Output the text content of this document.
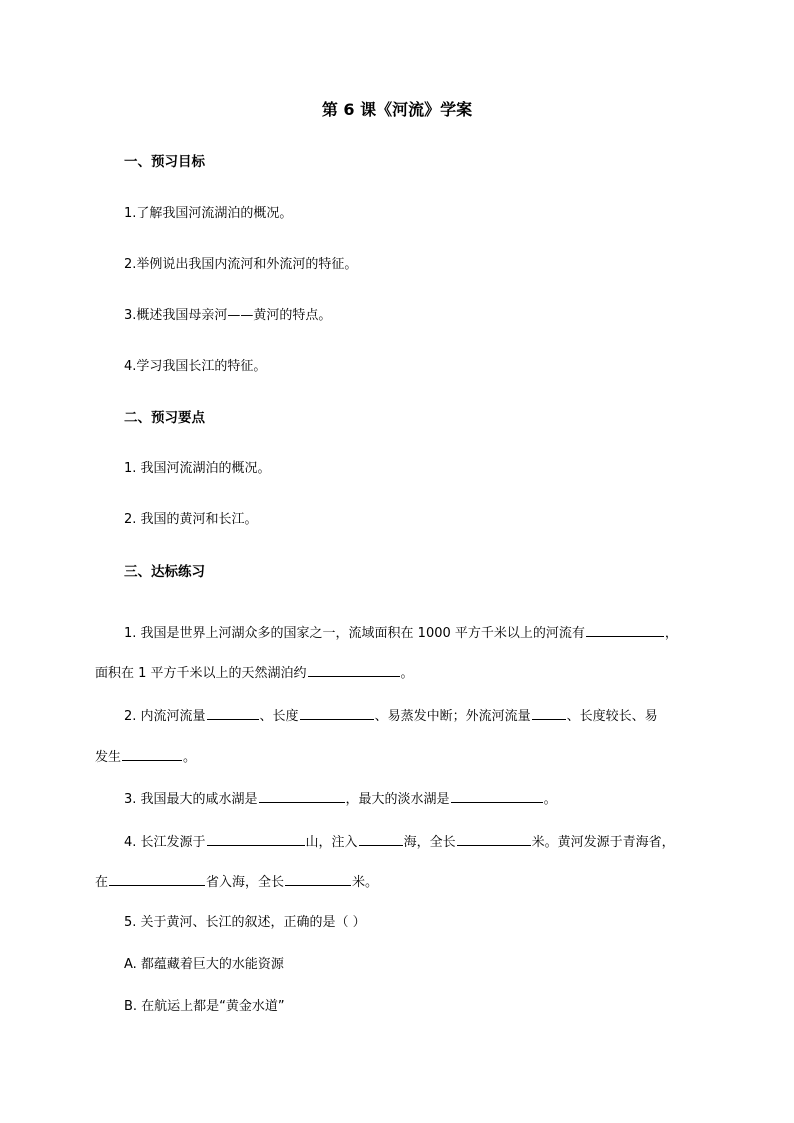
第 6 课《河流》学案
一、预习目标
1.了解我国河流湖泊的概况。
2.举例说出我国内流河和外流河的特征。
3.概述我国母亲河——黄河的特点。
4.学习我国长江的特征。
二、预习要点
1. 我国河流湖泊的概况。
2. 我国的黄河和长江。
三、达标练习
1. 我国是世界上河湖众多的国家之一，流域面积在 1000 平方千米以上的河流有	，
面积在 1 平方千米以上的天然湖泊约	。
2. 内流河流量	、长度	、易蒸发中断；外流河流量	、长度较长、易
发生	。
3. 我国最大的咸水湖是	，最大的淡水湖是	。
4. 长江发源于	山，注入	海，全长	米。黄河发源于青海省，
在	省入海，全长	米。
5. 关于黄河、长江的叙述，正确的是（ ）
A. 都蕴藏着巨大的水能资源
B. 在航运上都是“黄金水道”
